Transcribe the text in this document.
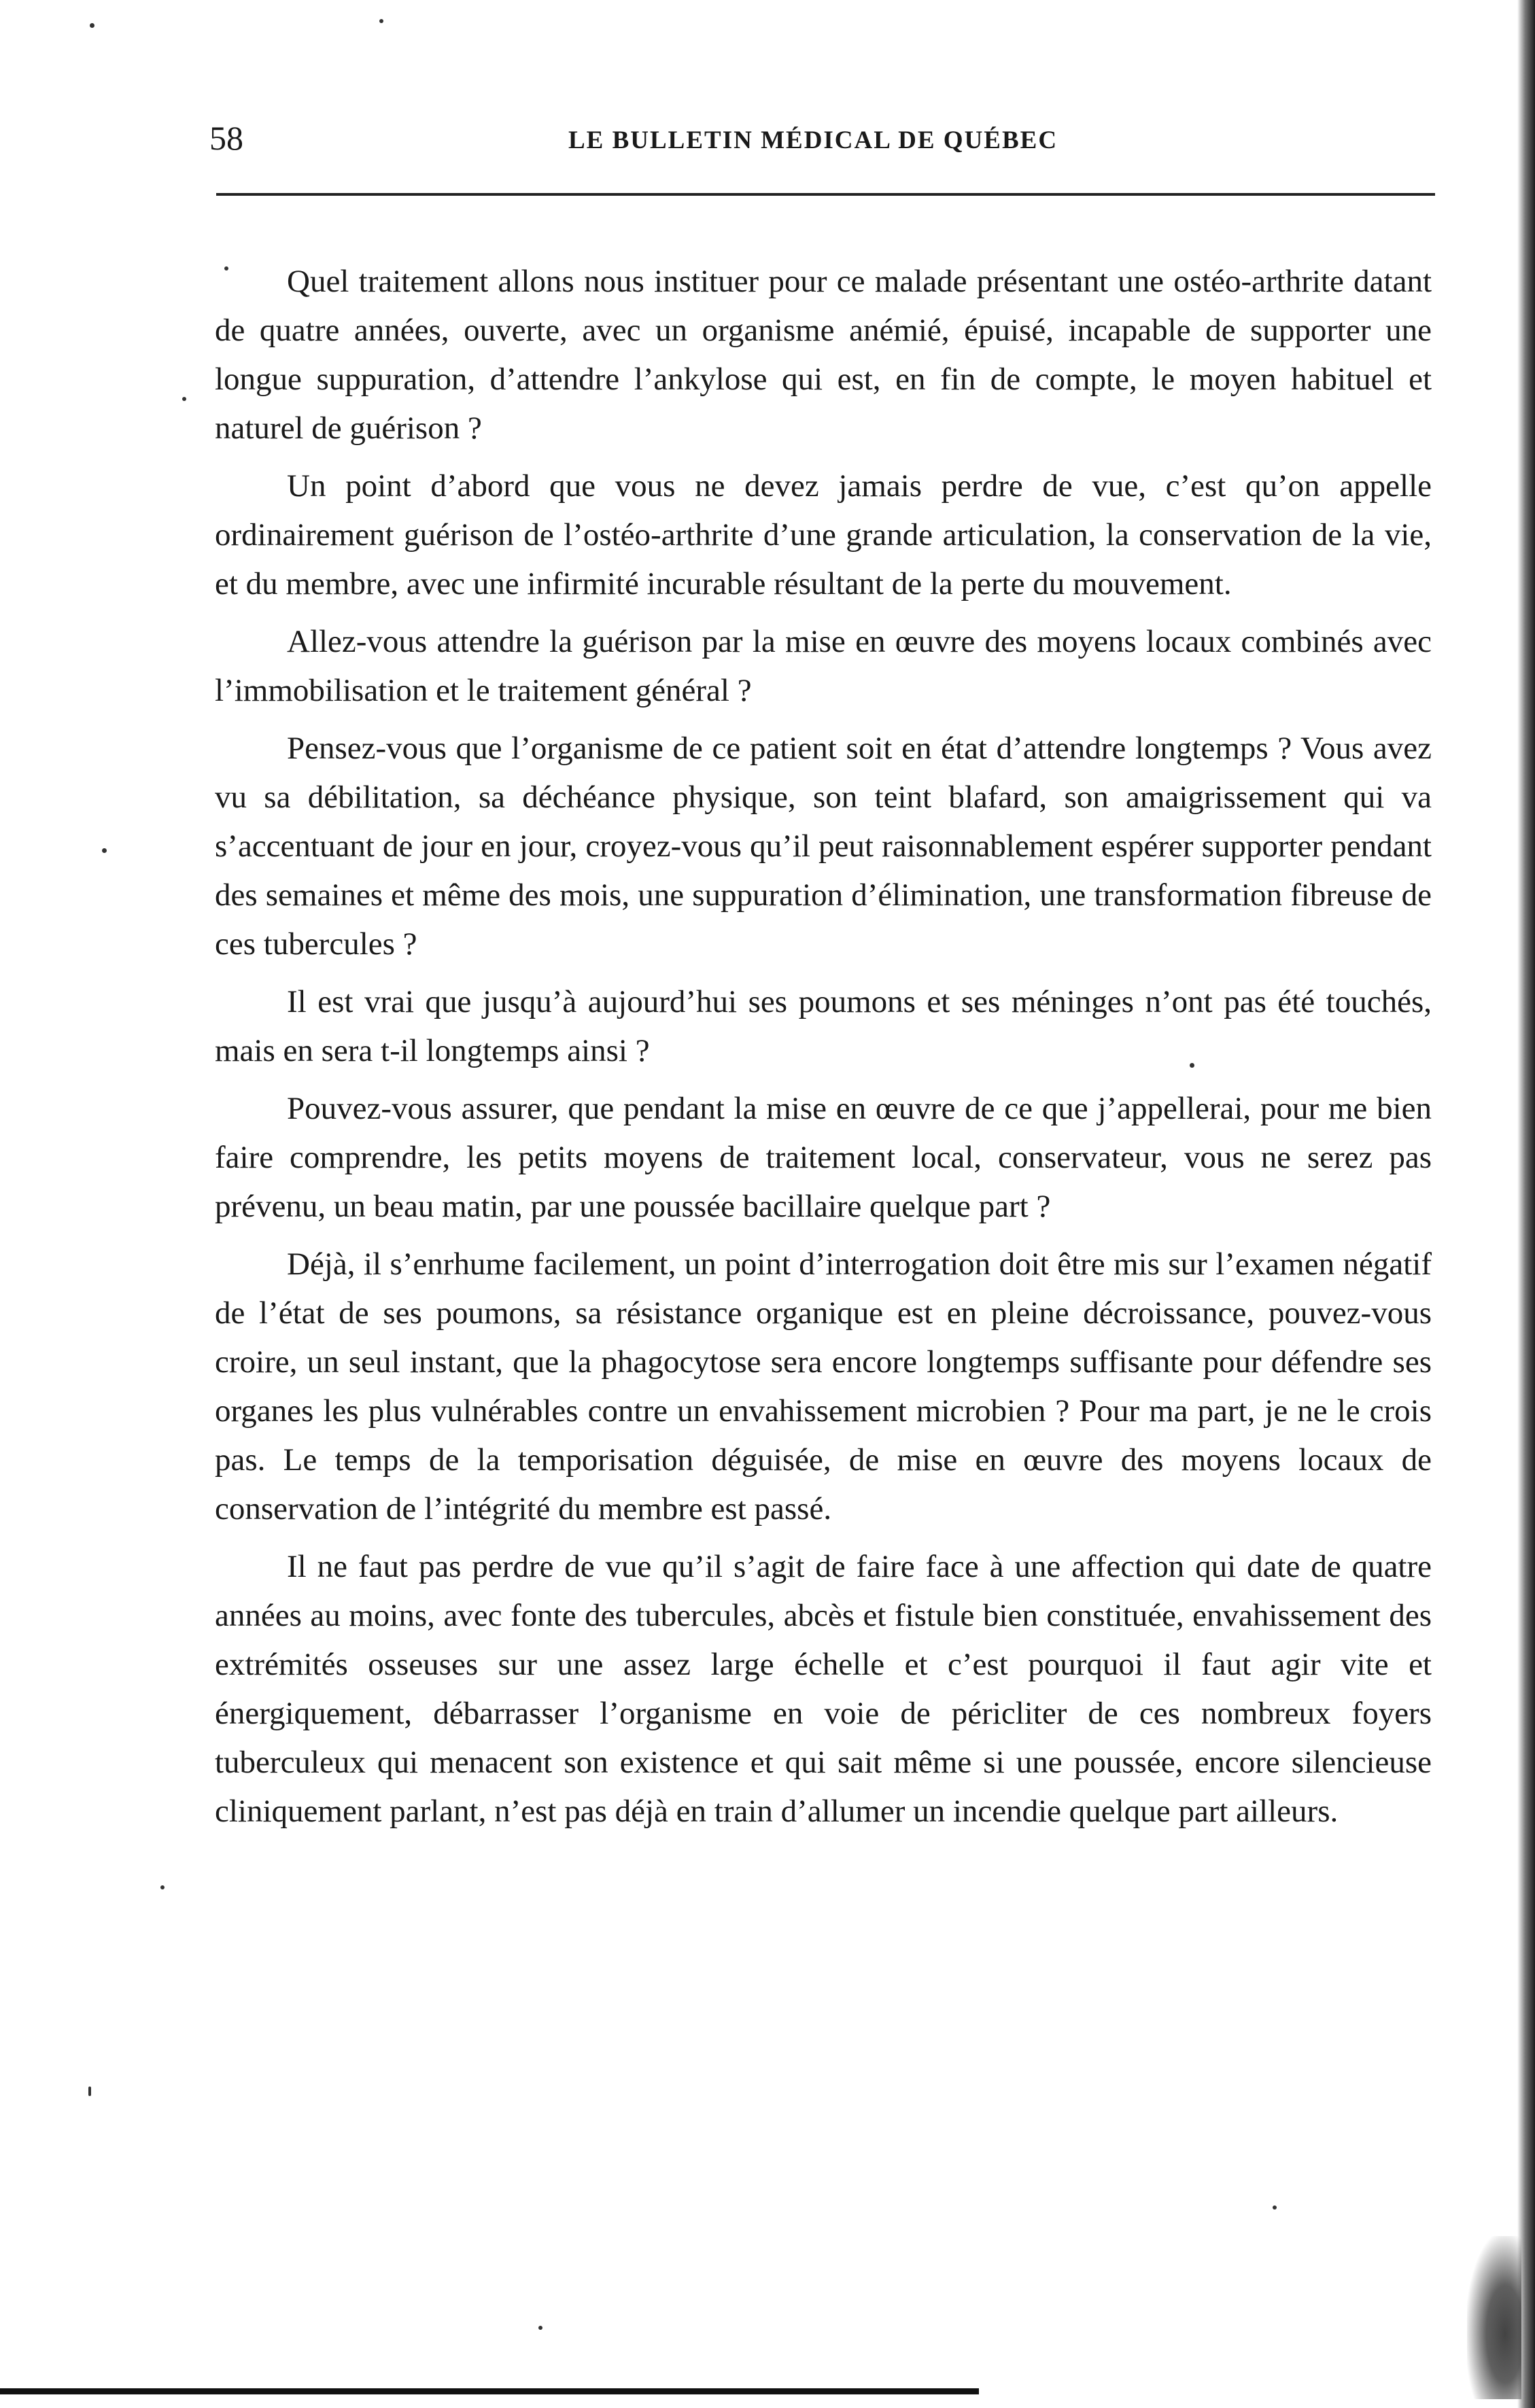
58	LE BULLETIN MÉDICAL DE QUÉBEC

Quel traitement allons nous instituer pour ce malade présentant une ostéo-arthrite datant de quatre années, ouverte, avec un organisme anémié, épuisé, incapable de supporter une longue suppuration, d’attendre l’ankylose qui est, en fin de compte, le moyen habituel et naturel de guérison ?

Un point d’abord que vous ne devez jamais perdre de vue, c’est qu’on appelle ordinairement guérison de l’ostéo-arthrite d’une grande articulation, la conservation de la vie, et du membre, avec une infirmité incurable résultant de la perte du mouvement.

Allez-vous attendre la guérison par la mise en œuvre des moyens locaux combinés avec l’immobilisation et le traitement général ?

Pensez-vous que l’organisme de ce patient soit en état d’attendre longtemps ? Vous avez vu sa débilitation, sa déchéance physique, son teint blafard, son amaigrissement qui va s’accentuant de jour en jour, croyez-vous qu’il peut raisonnablement espérer supporter pendant des semaines et même des mois, une suppuration d’élimination, une transformation fibreuse de ces tubercules ?

Il est vrai que jusqu’à aujourd’hui ses poumons et ses méninges n’ont pas été touchés, mais en sera t-il longtemps ainsi ?

Pouvez-vous assurer, que pendant la mise en œuvre de ce que j’appellerai, pour me bien faire comprendre, les petits moyens de traitement local, conservateur, vous ne serez pas prévenu, un beau matin, par une poussée bacillaire quelque part ?

Déjà, il s’enrhume facilement, un point d’interrogation doit être mis sur l’examen négatif de l’état de ses poumons, sa résistance organique est en pleine décroissance, pouvez-vous croire, un seul instant, que la phagocytose sera encore longtemps suffisante pour défendre ses organes les plus vulnérables contre un envahissement microbien ? Pour ma part, je ne le crois pas. Le temps de la temporisation déguisée, de mise en œuvre des moyens locaux de conservation de l’intégrité du membre est passé.

Il ne faut pas perdre de vue qu’il s’agit de faire face à une affection qui date de quatre années au moins, avec fonte des tubercules, abcès et fistule bien constituée, envahissement des extrémités osseuses sur une assez large échelle et c’est pourquoi il faut agir vite et énergiquement, débarrasser l’organisme en voie de péricliter de ces nombreux foyers tuberculeux qui menacent son existence et qui sait même si une poussée, encore silencieuse cliniquement parlant, n’est pas déjà en train d’allumer un incendie quelque part ailleurs.
